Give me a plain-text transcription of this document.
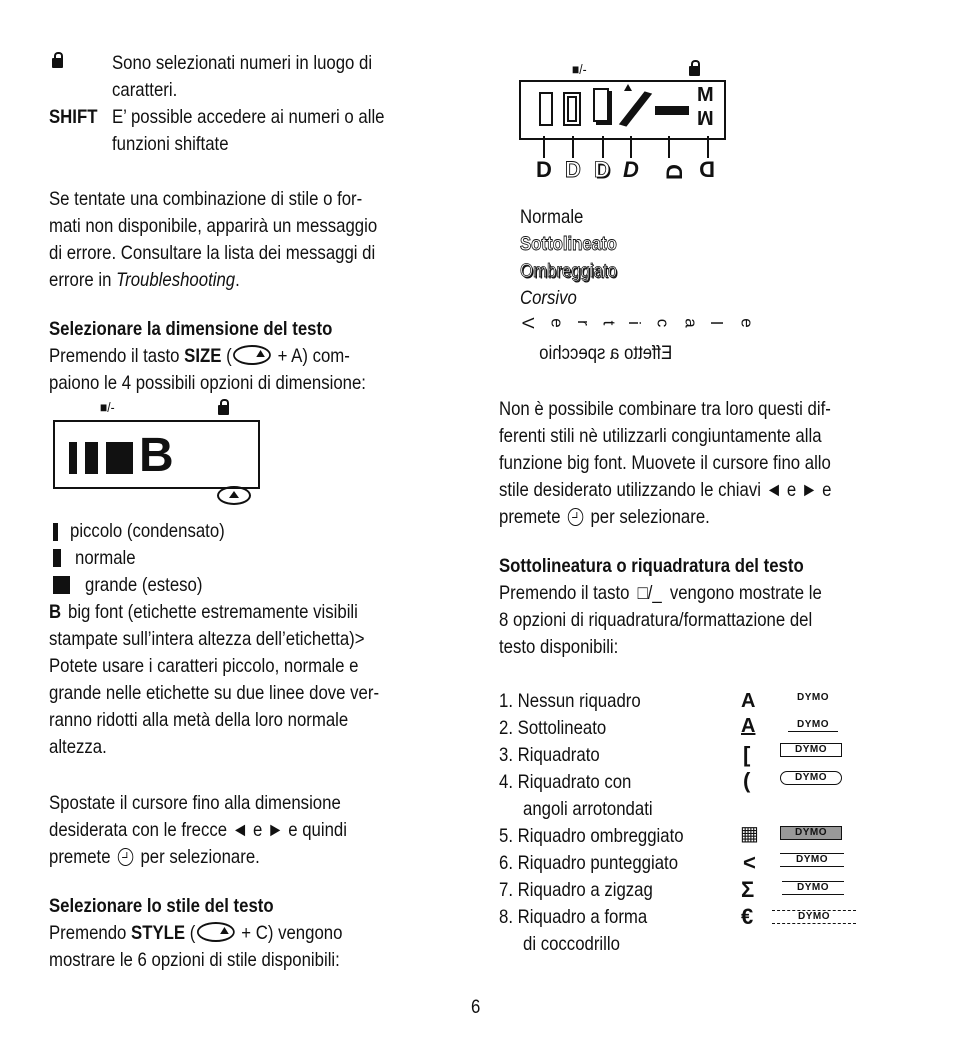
Sono selezionati numeri in luogo di
caratteri.
SHIFT E’ possible accedere ai numeri o alle
funzioni shiftate
Se tentate una combinazione di stile o for-
mati non disponibile, apparirà un messaggio
di errore. Consultare la lista dei messaggi di
errore in Troubleshooting.
Selezionare la dimensione del testo
Premendo il tasto SIZE ( + A) com-
paiono le 4 possibili opzioni di dimensione:
■/-
B
piccolo (condensato)
normale
grande (esteso)
B big font (etichette estremamente visibili
stampate sull’intera altezza dell’etichetta)>
Potete usare i caratteri piccolo, normale e
grande nelle etichette su due linee dove ver-
ranno ridotti alla metà della loro normale
altezza.
Spostate il cursore fino alla dimensione
desiderata con le frecce ◄ e ► e quindi
premete  per selezionare.
Selezionare lo stile del testo
Premendo STYLE ( + C) vengono
mostrare le 6 opzioni di stile disponibili:
■/-
M
M
D D D D D D
Normale
Sottolineato
Ombreggiato
Corsivo
V e r t i c a l e
Effetto a specchio
Non è possibile combinare tra loro questi dif-
ferenti stili nè utilizzarli congiuntamente alla
funzione big font. Muovete il cursore fino allo
stile desiderato utilizzando le chiavi ◄ e ► e
premete  per selezionare.
Sottolineatura o riquadratura del testo
Premendo il tasto □/_ vengono mostrate le
8 opzioni di riquadratura/formattazione del
testo disponibili:
1. Nessun riquadro
2. Sottolineato
3. Riquadrato
4. Riquadrato con
angoli arrotondati
5. Riquadro ombreggiato
6. Riquadro punteggiato
7. Riquadro a zigzag
8. Riquadro a forma
di coccodrillo
A
A
[
(
▦
<
Σ
€
DYMO
DYMO
DYMO
DYMO
DYMO
DYMO
DYMO
DYMO
6
